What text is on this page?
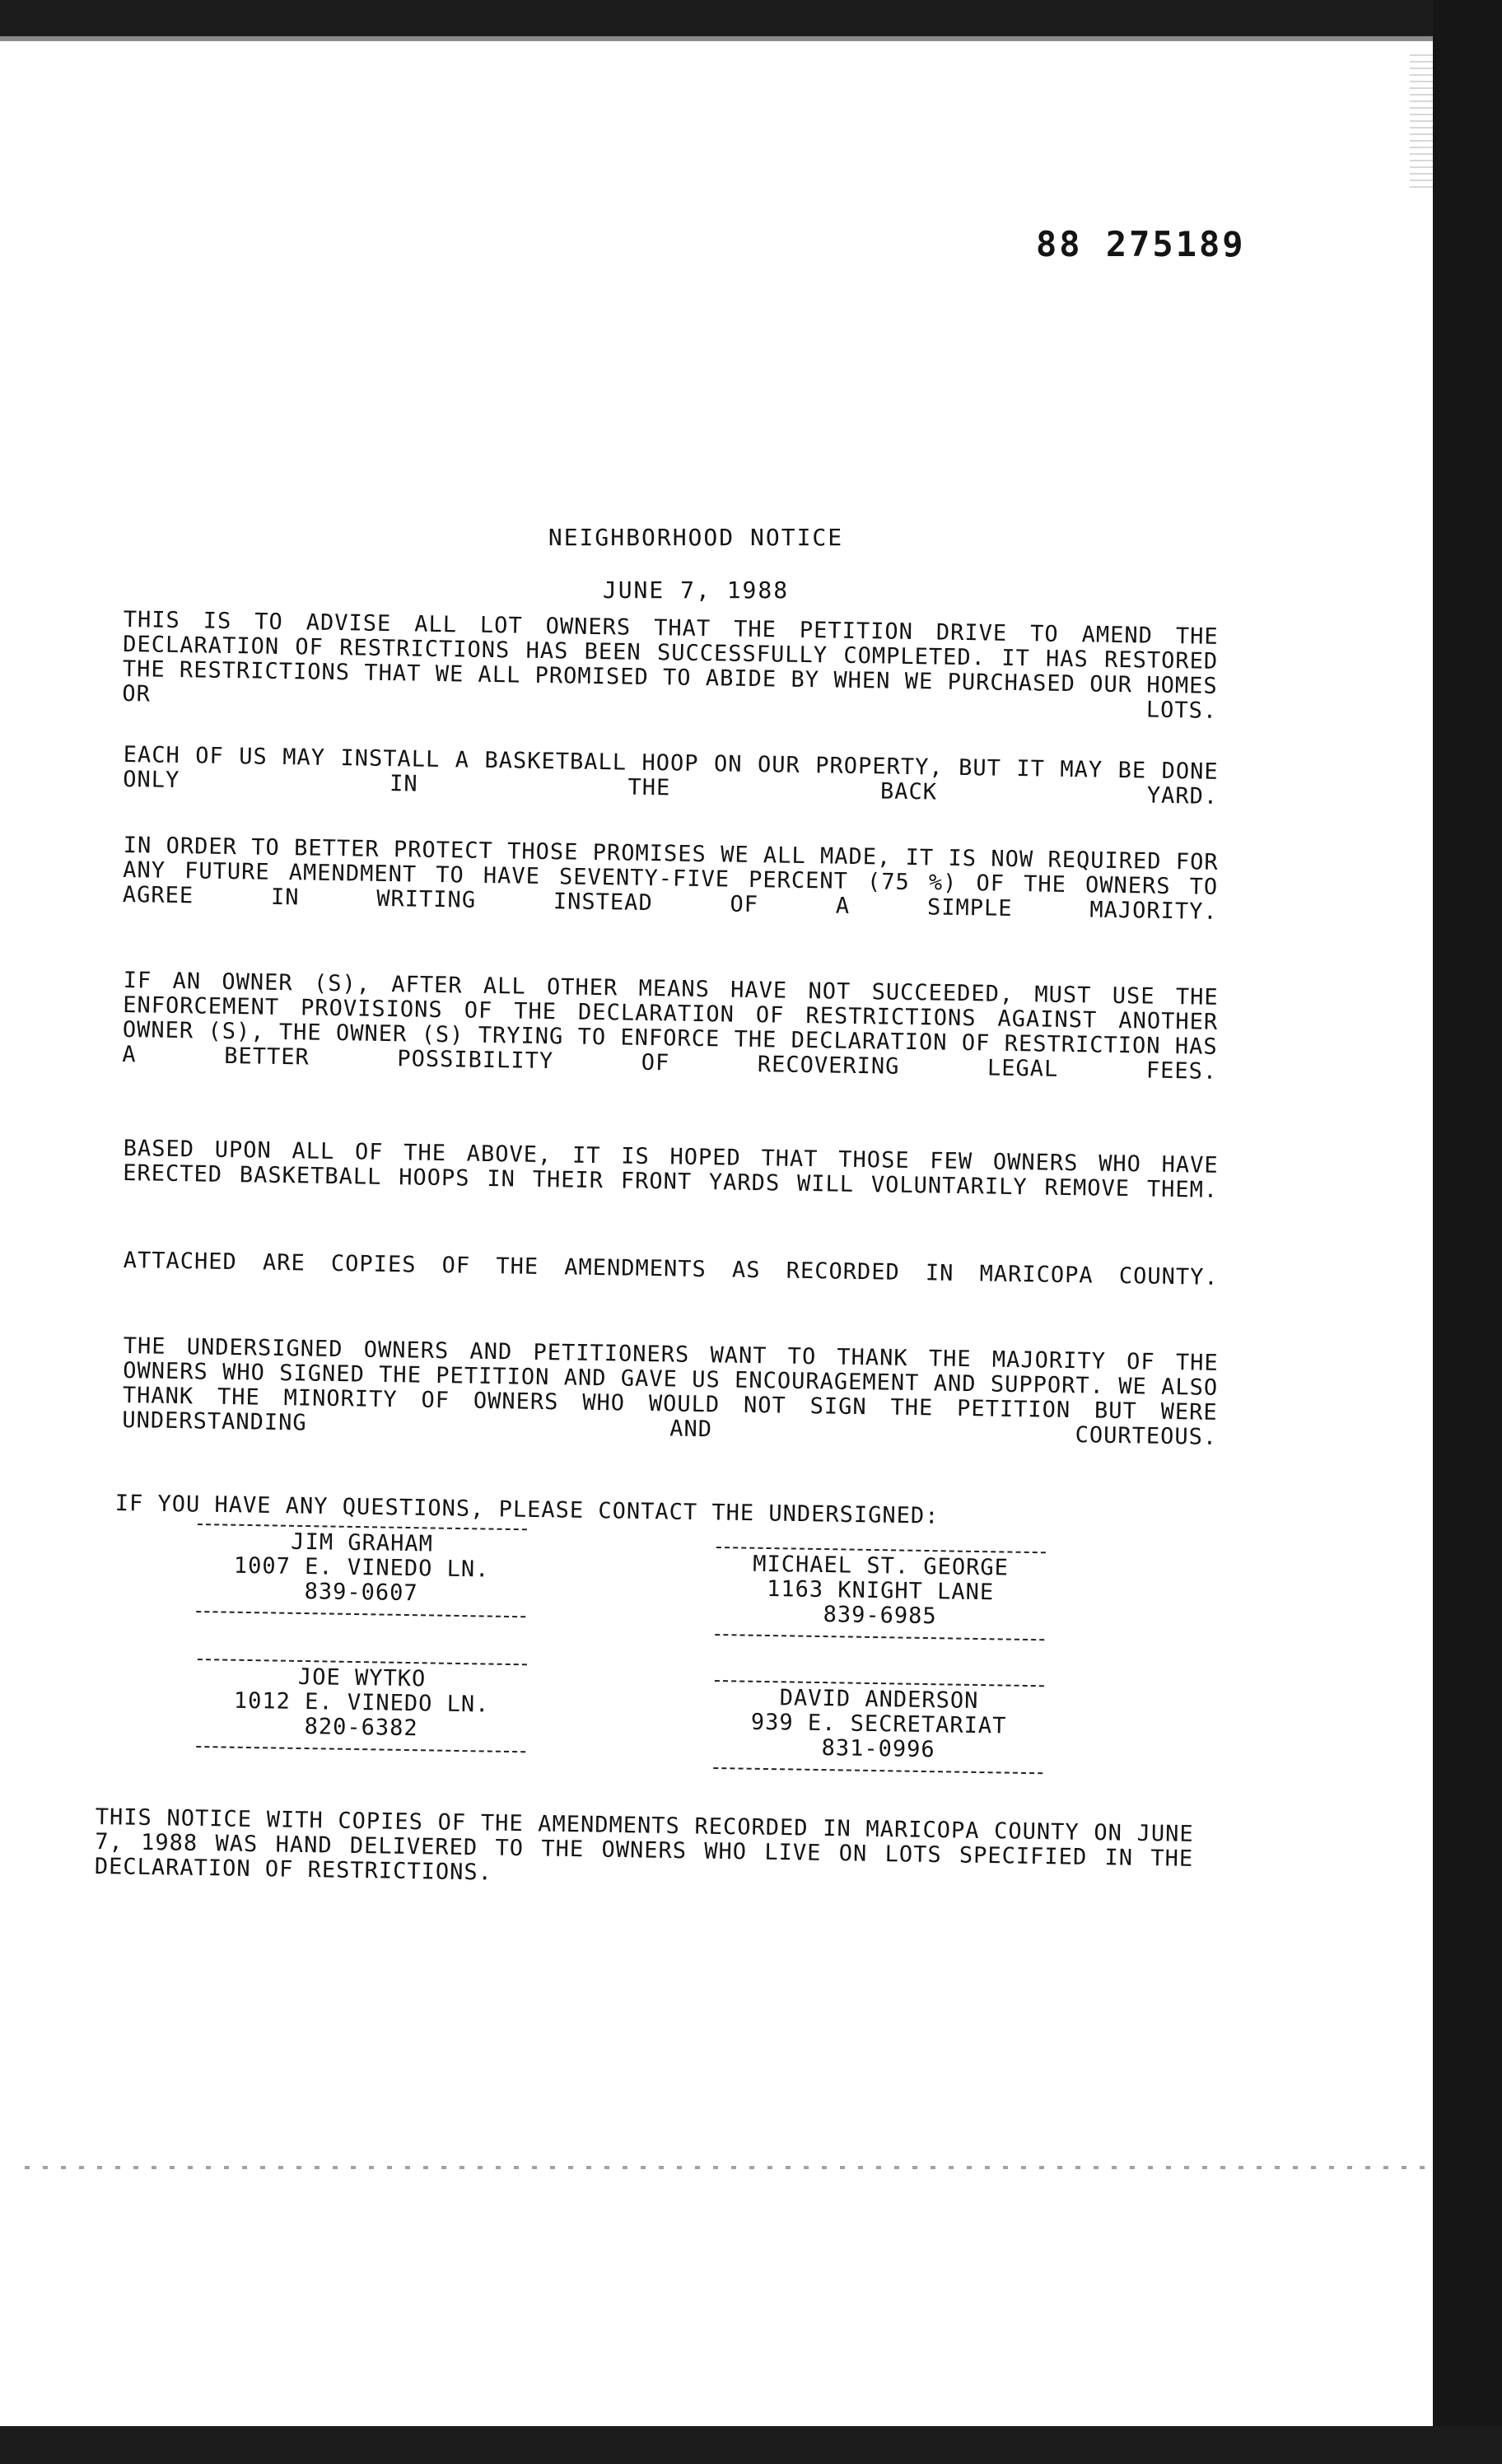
88 275189
NEIGHBORHOOD NOTICE
JUNE 7, 1988
THIS IS TO ADVISE ALL LOT OWNERS THAT THE PETITION DRIVE TO AMEND THE DECLARATION OF RESTRICTIONS HAS BEEN SUCCESSFULLY COMPLETED. IT HAS RESTORED THE RESTRICTIONS THAT WE ALL PROMISED TO ABIDE BY WHEN WE PURCHASED OUR HOMES OR LOTS.
EACH OF US MAY INSTALL A BASKETBALL HOOP ON OUR PROPERTY, BUT IT MAY BE DONE ONLY IN THE BACK YARD.
IN ORDER TO BETTER PROTECT THOSE PROMISES WE ALL MADE, IT IS NOW REQUIRED FOR ANY FUTURE AMENDMENT TO HAVE SEVENTY-FIVE PERCENT (75 %) OF THE OWNERS TO AGREE IN WRITING INSTEAD OF A SIMPLE MAJORITY.
IF AN OWNER (S), AFTER ALL OTHER MEANS HAVE NOT SUCCEEDED, MUST USE THE ENFORCEMENT PROVISIONS OF THE DECLARATION OF RESTRICTIONS AGAINST ANOTHER OWNER (S), THE OWNER (S) TRYING TO ENFORCE THE DECLARATION OF RESTRICTION HAS A BETTER POSSIBILITY OF RECOVERING LEGAL FEES.
BASED UPON ALL OF THE ABOVE, IT IS HOPED THAT THOSE FEW OWNERS WHO HAVE ERECTED BASKETBALL HOOPS IN THEIR FRONT YARDS WILL VOLUNTARILY REMOVE THEM.
ATTACHED ARE COPIES OF THE AMENDMENTS AS RECORDED IN MARICOPA COUNTY.
THE UNDERSIGNED OWNERS AND PETITIONERS WANT TO THANK THE MAJORITY OF THE OWNERS WHO SIGNED THE PETITION AND GAVE US ENCOURAGEMENT AND SUPPORT. WE ALSO THANK THE MINORITY OF OWNERS WHO WOULD NOT SIGN THE PETITION BUT WERE UNDERSTANDING AND COURTEOUS.
IF YOU HAVE ANY QUESTIONS, PLEASE CONTACT THE UNDERSIGNED:
JIM GRAHAM
1007 E. VINEDO LN.
839-0607
MICHAEL ST. GEORGE
1163 KNIGHT LANE
839-6985
JOE WYTKO
1012 E. VINEDO LN.
820-6382
DAVID ANDERSON
939 E. SECRETARIAT
831-0996
THIS NOTICE WITH COPIES OF THE AMENDMENTS RECORDED IN MARICOPA COUNTY ON JUNE 7, 1988 WAS HAND DELIVERED TO THE OWNERS WHO LIVE ON LOTS SPECIFIED IN THE DECLARATION OF RESTRICTIONS.
